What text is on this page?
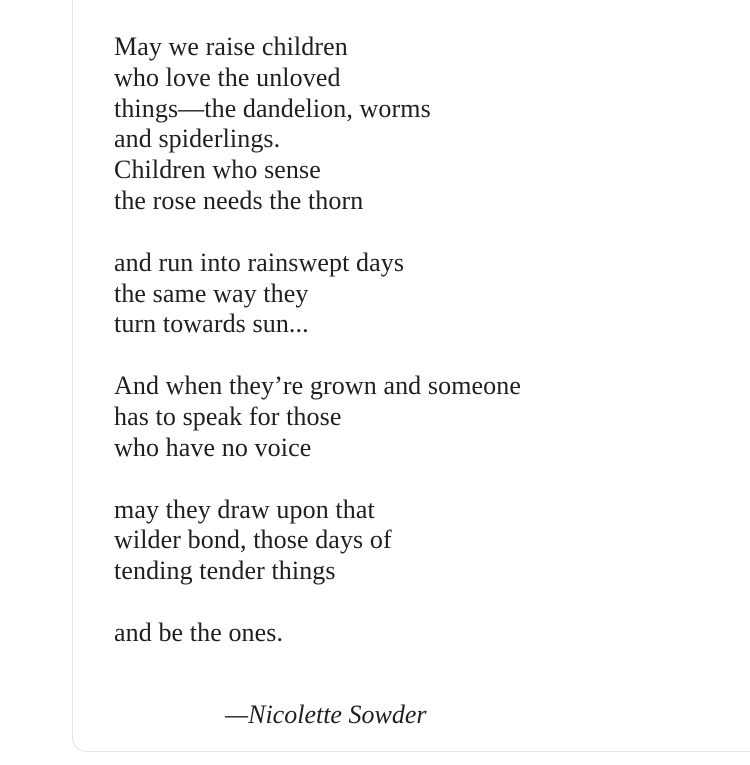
May we raise children
who love the unloved
things—the dandelion, worms
and spiderlings.
Children who sense
the rose needs the thorn
and run into rainswept days
the same way they
turn towards sun...
And when they’re grown and someone
has to speak for those
who have no voice
may they draw upon that
wilder bond, those days of
tending tender things
and be the ones.
—Nicolette Sowder
